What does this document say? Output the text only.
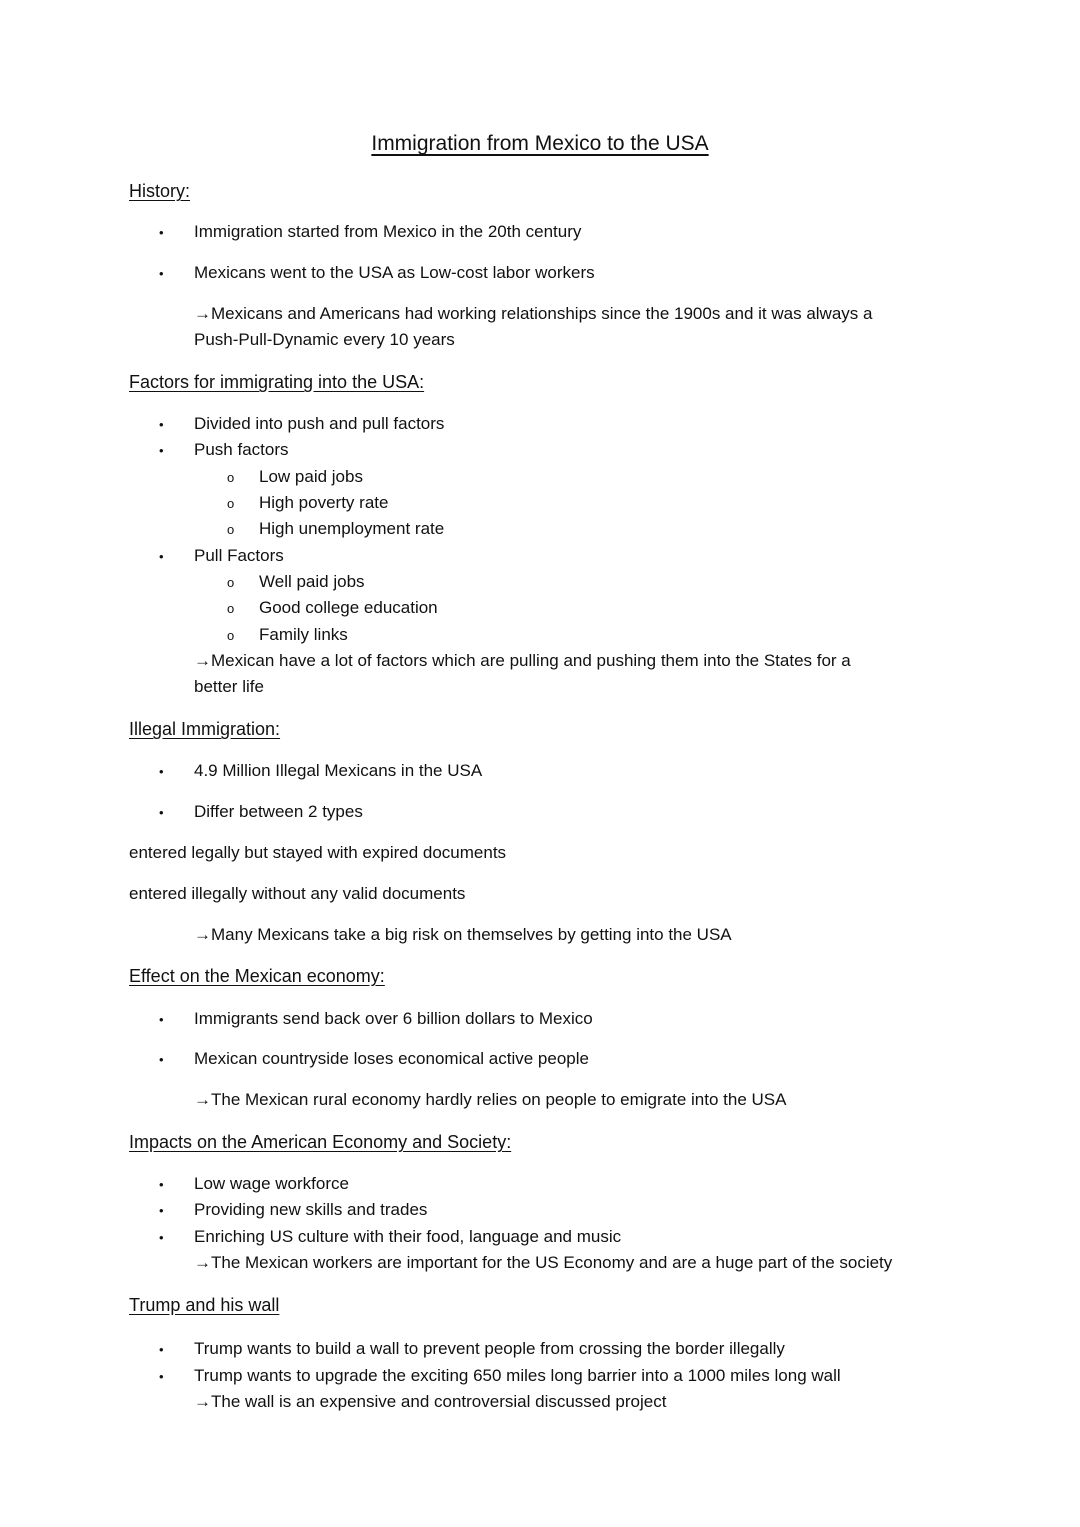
Immigration from Mexico to the USA
History:
• Immigration started from Mexico in the 20th century
• Mexicans went to the USA as Low-cost labor workers
→Mexicans and Americans had working relationships since the 1900s and it was always a
Push-Pull-Dynamic every 10 years
Factors for immigrating into the USA:
• Divided into push and pull factors
• Push factors
o Low paid jobs
o High poverty rate
o High unemployment rate
• Pull Factors
o Well paid jobs
o Good college education
o Family links
→Mexican have a lot of factors which are pulling and pushing them into the States for a
better life
Illegal Immigration:
• 4.9 Million Illegal Mexicans in the USA
• Differ between 2 types
entered legally but stayed with expired documents
entered illegally without any valid documents
→Many Mexicans take a big risk on themselves by getting into the USA
Effect on the Mexican economy:
• Immigrants send back over 6 billion dollars to Mexico
• Mexican countryside loses economical active people
→The Mexican rural economy hardly relies on people to emigrate into the USA
Impacts on the American Economy and Society:
• Low wage workforce
• Providing new skills and trades
• Enriching US culture with their food, language and music
→The Mexican workers are important for the US Economy and are a huge part of the society
Trump and his wall
• Trump wants to build a wall to prevent people from crossing the border illegally
• Trump wants to upgrade the exciting 650 miles long barrier into a 1000 miles long wall
→The wall is an expensive and controversial discussed project
